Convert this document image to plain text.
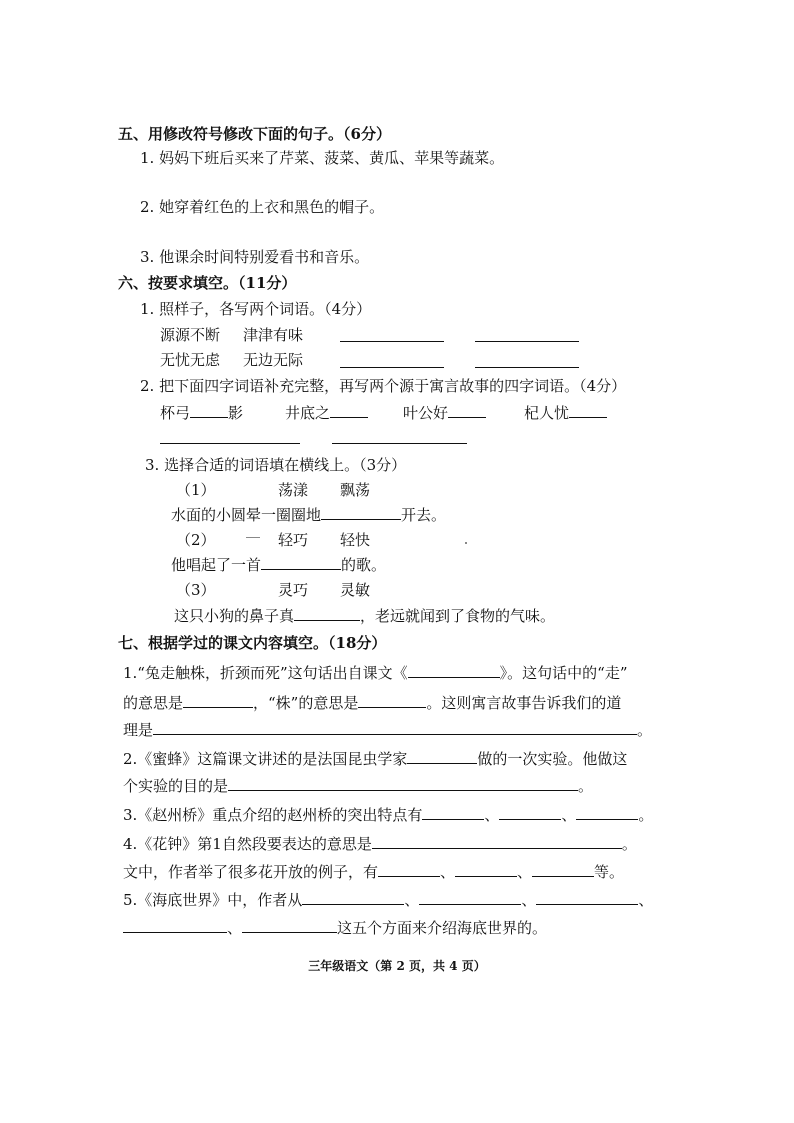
五、用修改符号修改下面的句子。（6分）
1. 妈妈下班后买来了芹菜、菠菜、黄瓜、苹果等蔬菜。
2. 她穿着红色的上衣和黑色的帽子。
3. 他课余时间特别爱看书和音乐。
六、按要求填空。（11分）
1. 照样子，各写两个词语。（4分）
源源不断 津津有味
无忧无虑 无边无际
2. 把下面四字词语补充完整，再写两个源于寓言故事的四字词语。（4分）
杯弓	影	井底之	叶公好	杞人忧
3. 选择合适的词语填在横线上。（3分）
（1）	荡漾 飘荡
水面的小圆晕一圈圈地	开去。
（2）	轻巧 轻快
他唱起了一首	的歌。
（3）	灵巧 灵敏
这只小狗的鼻子真	，老远就闻到了食物的气味。
七、根据学过的课文内容填空。（18分）
1.“兔走触株，折颈而死”这句话出自课文《	》。这句话中的“走”
的意思是	，“株”的意思是	。这则寓言故事告诉我们的道
理是	。
2.《蜜蜂》这篇课文讲述的是法国昆虫学家	做的一次实验。他做这
个实验的目的是	。
3.《赵州桥》重点介绍的赵州桥的突出特点有	、	、	。
4.《花钟》第1自然段要表达的意思是	。
文中，作者举了很多花开放的例子，有	、	、	等。
5.《海底世界》中，作者从	、	、	、
、	这五个方面来介绍海底世界的。
三年级语文（第 2 页，共 4 页）
